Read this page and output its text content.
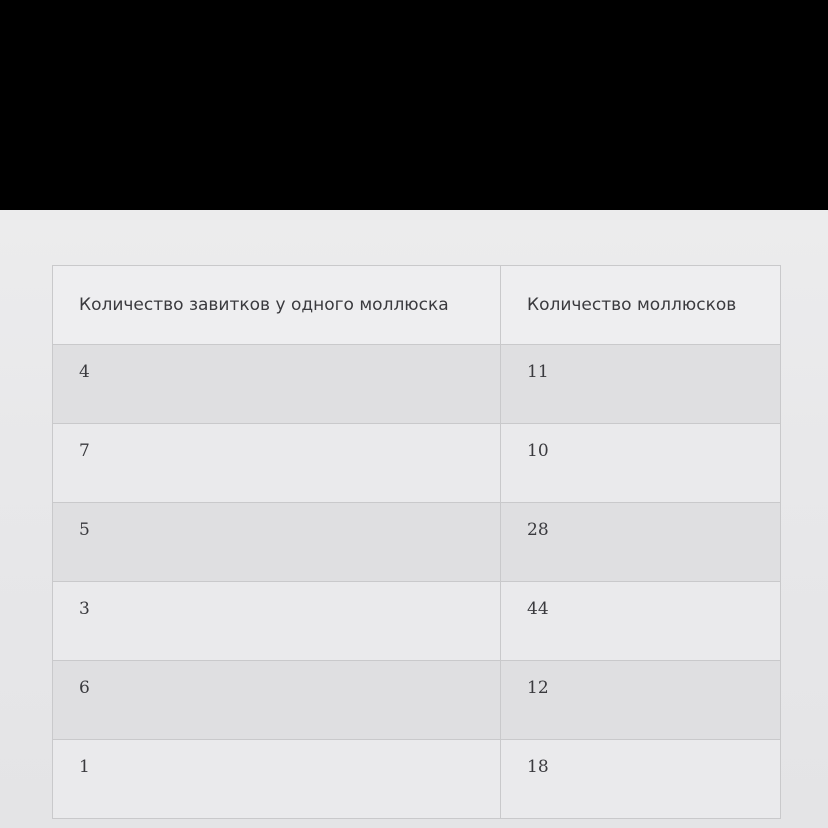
Количество завитков у одного моллюска	Количество моллюсков
4	11
7	10
5	28
3	44
6	12
1	18
